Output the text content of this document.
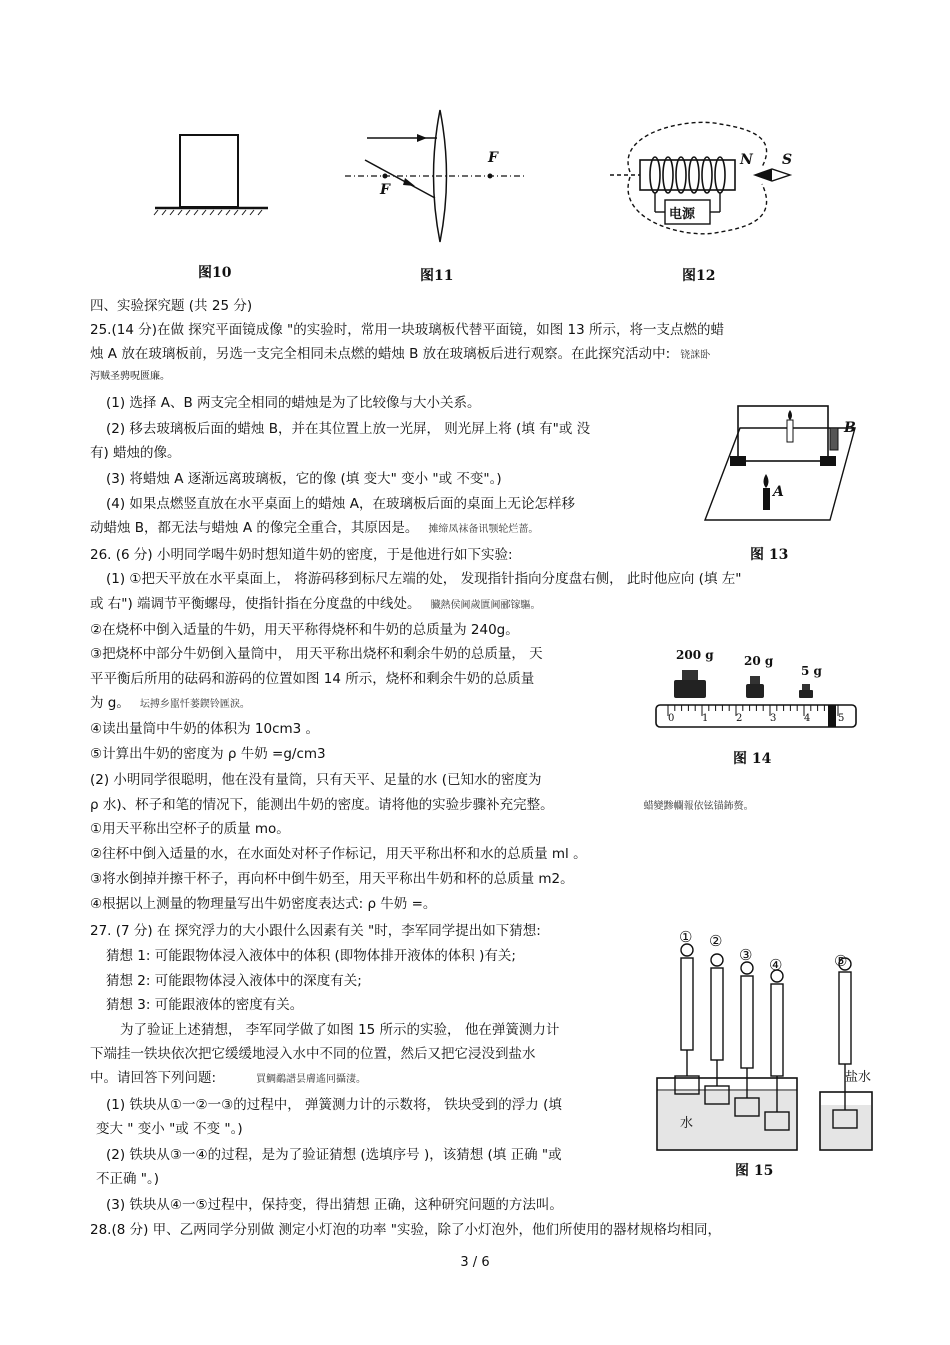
图10
F
F
图11
N S
电源
图12
四、实验探究题 (共 25 分)
25.(14 分)在做 探究平面镜成像 "的实验时，常用一块玻璃板代替平面镜，如图 13 所示，将一支点燃的蜡
烛 A 放在玻璃板前，另选一支完全相同未点燃的蜡烛 B 放在玻璃板后进行观察。在此探究活动中: 铙詸卧
泻贼圣骋呪匮廉。
(1) 选择 A、B 两支完全相同的蜡烛是为了比较像与大小关系。
(2) 移去玻璃板后面的蜡烛 B，并在其位置上放一光屏， 则光屏上将 (填 有"或 没
有) 蜡烛的像。
(3) 将蜡烛 A 逐渐远离玻璃板，它的像 (填 变大" 变小 "或 不变"。)
(4) 如果点燃竖直放在水平桌面上的蜡烛 A，在玻璃板后面的桌面上无论怎样移
动蜡烛 B，都无法与蜡烛 A 的像完全重合，其原因是。 摊缔凤袜备讯颚轮烂蔷。
A
B
图 13
26. (6 分) 小明同学喝牛奶时想知道牛奶的密度，于是他进行如下实验:
(1) ①把天平放在水平桌面上， 将游码移到标尺左端的处， 发现指针指向分度盘右侧， 此时他应向 (填 左"
或 右") 端调节平衡螺母，使指针指在分度盘的中线处。 臓熱侯阃歲匱阃郦镓驅。
②在烧杯中倒入适量的牛奶，用天平称得烧杯和牛奶的总质量为 240g。
③把烧杯中部分牛奶倒入量筒中， 用天平称出烧杯和剩余牛奶的总质量， 天
平平衡后所用的砝码和游码的位置如图 14 所示，烧杯和剩余牛奶的总质量
为 g。 坛搏乡嚚忏蒌鍥铃匯淚。
④读出量筒中牛奶的体积为 10cm3 。
⑤计算出牛奶的密度为 ρ 牛奶 =g/cm3
(2) 小明同学很聪明，他在没有量筒，只有天平、足量的水 (已知水的密度为
ρ 水)、杯子和笔的情况下，能测出牛奶的密度。请将他的实验步骤补充完整。	蜡變黪幱報依铉锚鈽赘。
①用天平称出空杯子的质量 mo。
②往杯中倒入适量的水，在水面处对杯子作标记，用天平称出杯和水的总质量 ml 。
③将水倒掉并擦干杯子，再向杯中倒牛奶至，用天平称出牛奶和杯的总质量 m2。
④根据以上测量的物理量写出牛奶密度表达式: ρ 牛奶 =。
200 g	20 g
5 g
0	1	2	3	4	5
图 14
27. (7 分) 在 探究浮力的大小跟什么因素有关 "时，李军同学提出如下猜想:
猜想 1: 可能跟物体浸入液体中的体积 (即物体排开液体的体积 )有关;
猜想 2: 可能跟物体浸入液体中的深度有关;
猜想 3: 可能跟液体的密度有关。
为了验证上述猜想， 李军同学做了如图 15 所示的实验， 他在弹簧测力计
下端挂一铁块依次把它缓缓地浸入水中不同的位置，然后又把它浸没到盐水
中。请回答下列问题:	買鯛鷸譜昙膚遙冋攝淒。
(1) 铁块从①一②一③的过程中， 弹簧测力计的示数将， 铁块受到的浮力 (填
变大 " 变小 "或 不变 "。)
(2) 铁块从③一④的过程，是为了验证猜想 (选填序号 )，该猜想 (填 正确 "或
不正确 "。)
(3) 铁块从④一⑤过程中，保持变，得出猜想 正确，这种研究问题的方法叫。
28.(8 分) 甲、乙两同学分别做 测定小灯泡的功率 "实验，除了小灯泡外，他们所使用的器材规格均相同，
① ②
③
④	⑤
水
盐水
图 15
3 / 6
